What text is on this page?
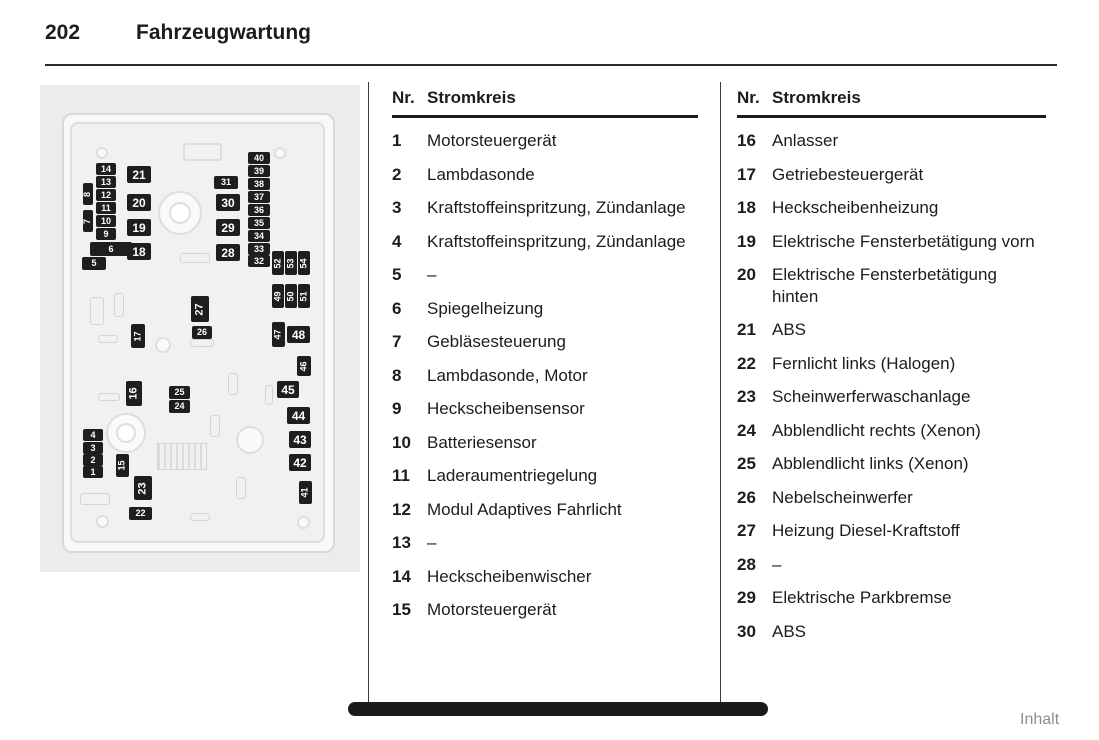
202	Fahrzeugwartung
14
13
12
11
10
9
8
7
6
5
21
20
19
18
31
30
29
28
40
39
38
37
36
35
34
33
32 52 53 54
49 50 51
27
26
17
16	25
24
47 48
46
45
44
43
42
41
4
3
2
1
15
23
22
Nr. Stromkreis
1	Motorsteuergerät
2	Lambdasonde
3	Kraftstoffeinspritzung, Zündanlage
4	Kraftstoffeinspritzung, Zündanlage
5	–
6	Spiegelheizung
7	Gebläsesteuerung
8	Lambdasonde, Motor
9	Heckscheibensensor
10 Batteriesensor
11	Laderaumentriegelung
12 Modul Adaptives Fahrlicht
13 –
14 Heckscheibenwischer
15 Motorsteuergerät
Nr. Stromkreis
16 Anlasser
17 Getriebesteuergerät
18 Heckscheibenheizung
19 Elektrische Fensterbetätigung vorn
20 Elektrische Fensterbetätigung hinten
21 ABS
22 Fernlicht links (Halogen)
23 Scheinwerferwaschanlage
24 Abblendlicht rechts (Xenon)
25 Abblendlicht links (Xenon)
26 Nebelscheinwerfer
27 Heizung Diesel-Kraftstoff
28 –
29 Elektrische Parkbremse
30 ABS
Inhalt
